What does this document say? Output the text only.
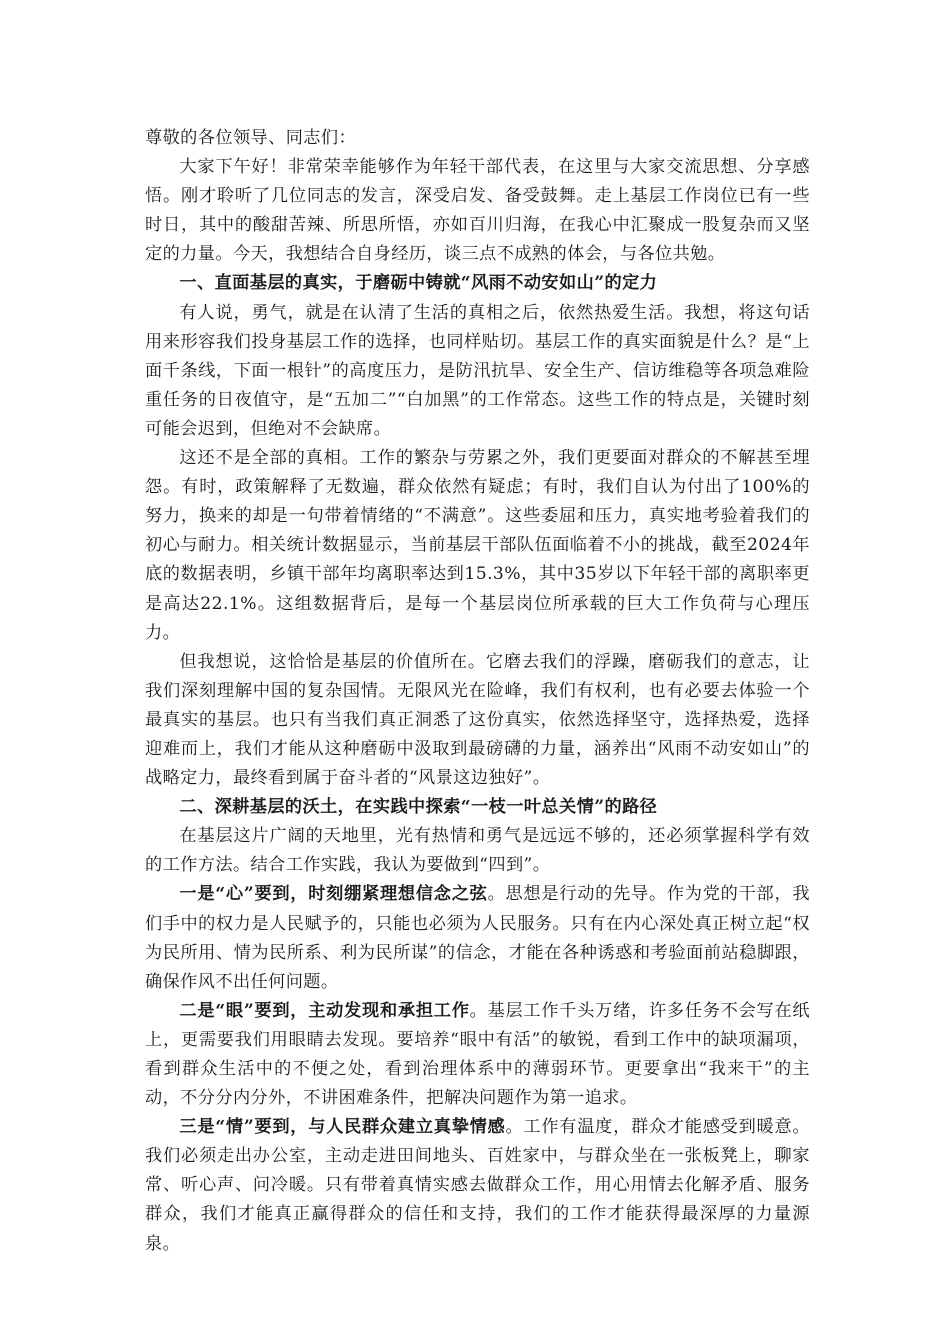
尊敬的各位领导、同志们：

大家下午好！非常荣幸能够作为年轻干部代表，在这里与大家交流思想、分享感悟。刚才聆听了几位同志的发言，深受启发、备受鼓舞。走上基层工作岗位已有一些时日，其中的酸甜苦辣、所思所悟，亦如百川归海，在我心中汇聚成一股复杂而又坚定的力量。今天，我想结合自身经历，谈三点不成熟的体会，与各位共勉。

一、直面基层的真实，于磨砺中铸就“风雨不动安如山”的定力

有人说，勇气，就是在认清了生活的真相之后，依然热爱生活。我想，将这句话用来形容我们投身基层工作的选择，也同样贴切。基层工作的真实面貌是什么？是“上面千条线，下面一根针”的高度压力，是防汛抗旱、安全生产、信访维稳等各项急难险重任务的日夜值守，是“五加二”“白加黑”的工作常态。这些工作的特点是，关键时刻可能会迟到，但绝对不会缺席。

这还不是全部的真相。工作的繁杂与劳累之外，我们更要面对群众的不解甚至埋怨。有时，政策解释了无数遍，群众依然有疑虑；有时，我们自认为付出了100%的努力，换来的却是一句带着情绪的“不满意”。这些委屈和压力，真实地考验着我们的初心与耐力。相关统计数据显示，当前基层干部队伍面临着不小的挑战，截至2024年底的数据表明，乡镇干部年均离职率达到15.3%，其中35岁以下年轻干部的离职率更是高达22.1%。这组数据背后，是每一个基层岗位所承载的巨大工作负荷与心理压力。

但我想说，这恰恰是基层的价值所在。它磨去我们的浮躁，磨砺我们的意志，让我们深刻理解中国的复杂国情。无限风光在险峰，我们有权利，也有必要去体验一个最真实的基层。也只有当我们真正洞悉了这份真实，依然选择坚守，选择热爱，选择迎难而上，我们才能从这种磨砺中汲取到最磅礴的力量，涵养出“风雨不动安如山”的战略定力，最终看到属于奋斗者的“风景这边独好”。

二、深耕基层的沃土，在实践中探索“一枝一叶总关情”的路径

在基层这片广阔的天地里，光有热情和勇气是远远不够的，还必须掌握科学有效的工作方法。结合工作实践，我认为要做到“四到”。

一是“心”要到，时刻绷紧理想信念之弦。思想是行动的先导。作为党的干部，我们手中的权力是人民赋予的，只能也必须为人民服务。只有在内心深处真正树立起“权为民所用、情为民所系、利为民所谋”的信念，才能在各种诱惑和考验面前站稳脚跟，确保作风不出任何问题。

二是“眼”要到，主动发现和承担工作。基层工作千头万绪，许多任务不会写在纸上，更需要我们用眼睛去发现。要培养“眼中有活”的敏锐，看到工作中的缺项漏项，看到群众生活中的不便之处，看到治理体系中的薄弱环节。更要拿出“我来干”的主动，不分分内分外，不讲困难条件，把解决问题作为第一追求。

三是“情”要到，与人民群众建立真挚情感。工作有温度，群众才能感受到暖意。我们必须走出办公室，主动走进田间地头、百姓家中，与群众坐在一张板凳上，聊家常、听心声、问冷暖。只有带着真情实感去做群众工作，用心用情去化解矛盾、服务群众，我们才能真正赢得群众的信任和支持，我们的工作才能获得最深厚的力量源泉。
